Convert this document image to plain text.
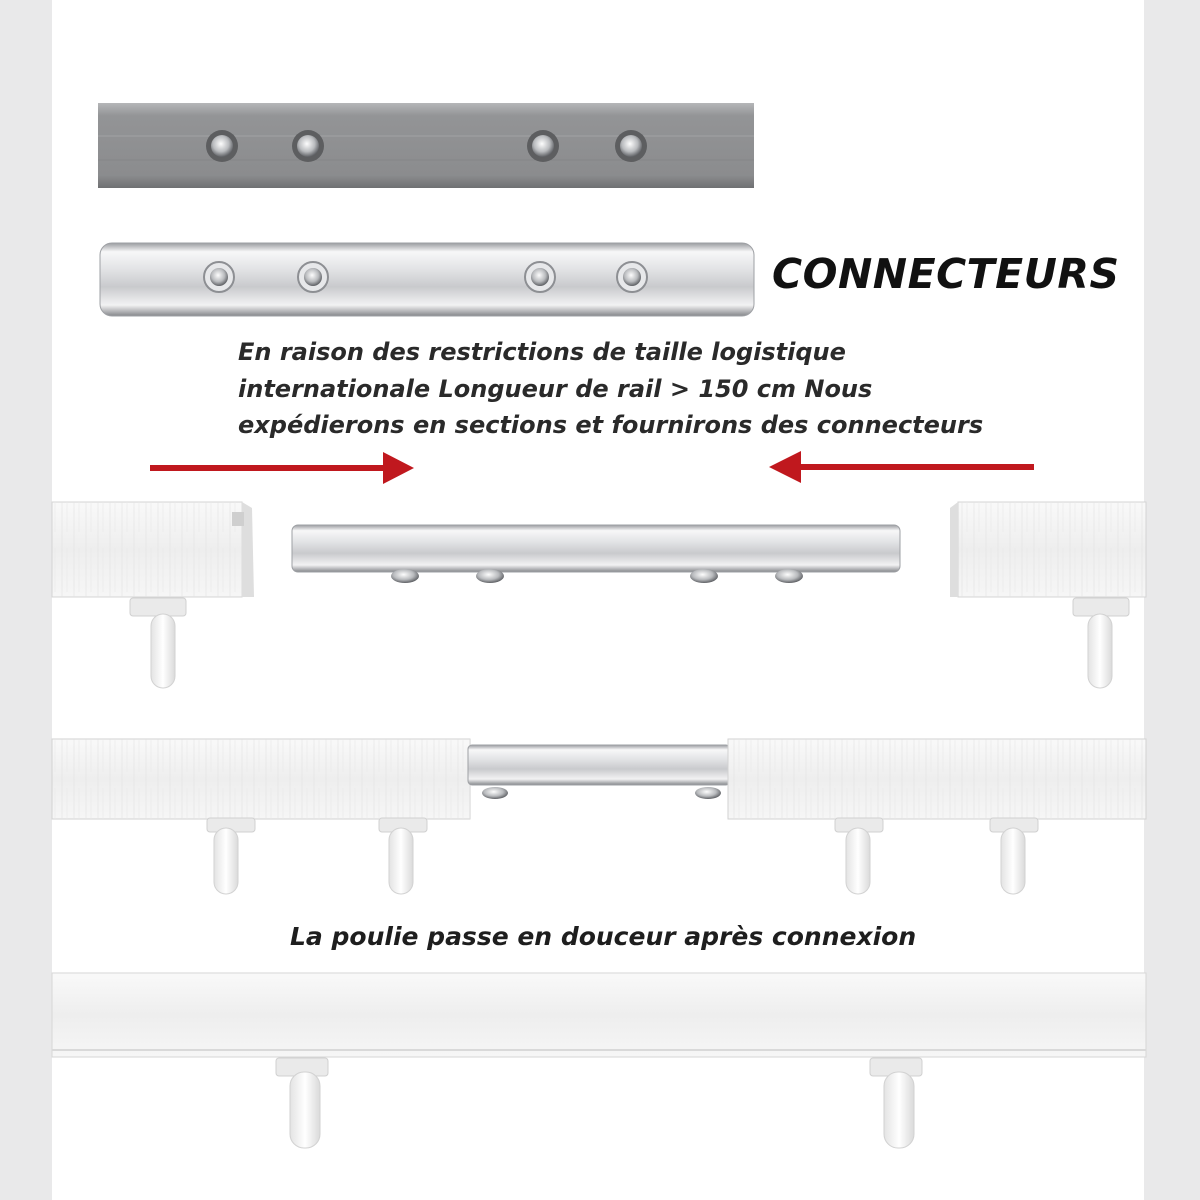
CONNECTEURS
En raison des restrictions de taille logistique
internationale Longueur de rail > 150 cm Nous
expédierons en sections et fournirons des connecteurs
La poulie passe en douceur après connexion
